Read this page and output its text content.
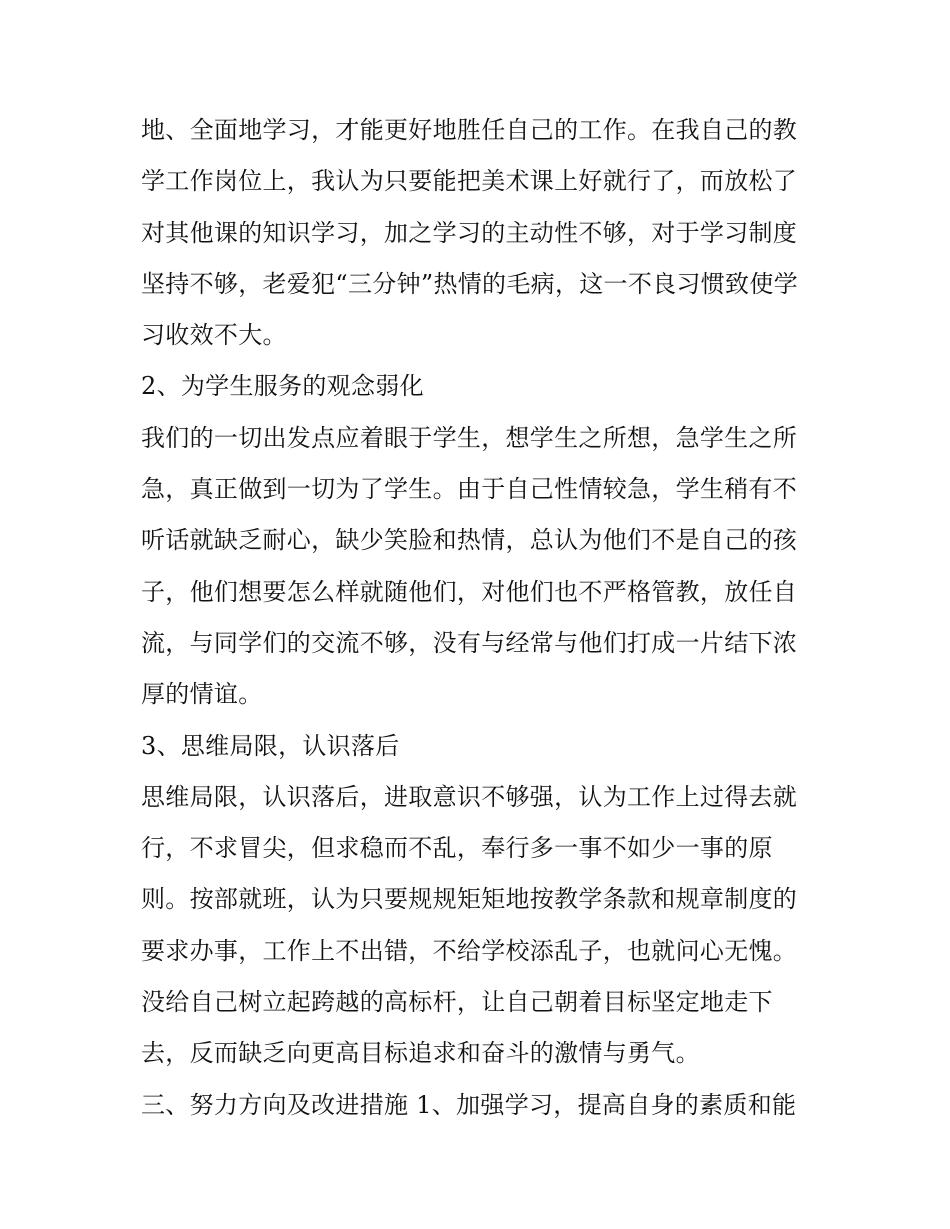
地、全面地学习，才能更好地胜任自己的工作。在我自己的教
学工作岗位上，我认为只要能把美术课上好就行了，而放松了
对其他课的知识学习，加之学习的主动性不够，对于学习制度
坚持不够，老爱犯“三分钟”热情的毛病，这一不良习惯致使学
习收效不大。
2、为学生服务的观念弱化
我们的一切出发点应着眼于学生，想学生之所想，急学生之所
急，真正做到一切为了学生。由于自己性情较急，学生稍有不
听话就缺乏耐心，缺少笑脸和热情，总认为他们不是自己的孩
子，他们想要怎么样就随他们，对他们也不严格管教，放任自
流，与同学们的交流不够，没有与经常与他们打成一片结下浓
厚的情谊。
3、思维局限，认识落后
思维局限，认识落后，进取意识不够强，认为工作上过得去就
行，不求冒尖，但求稳而不乱，奉行多一事不如少一事的原
则。按部就班，认为只要规规矩矩地按教学条款和规章制度的
要求办事，工作上不出错，不给学校添乱子，也就问心无愧。
没给自己树立起跨越的高标杆，让自己朝着目标坚定地走下
去，反而缺乏向更高目标追求和奋斗的激情与勇气。
三、努力方向及改进措施 1、加强学习，提高自身的素质和能
